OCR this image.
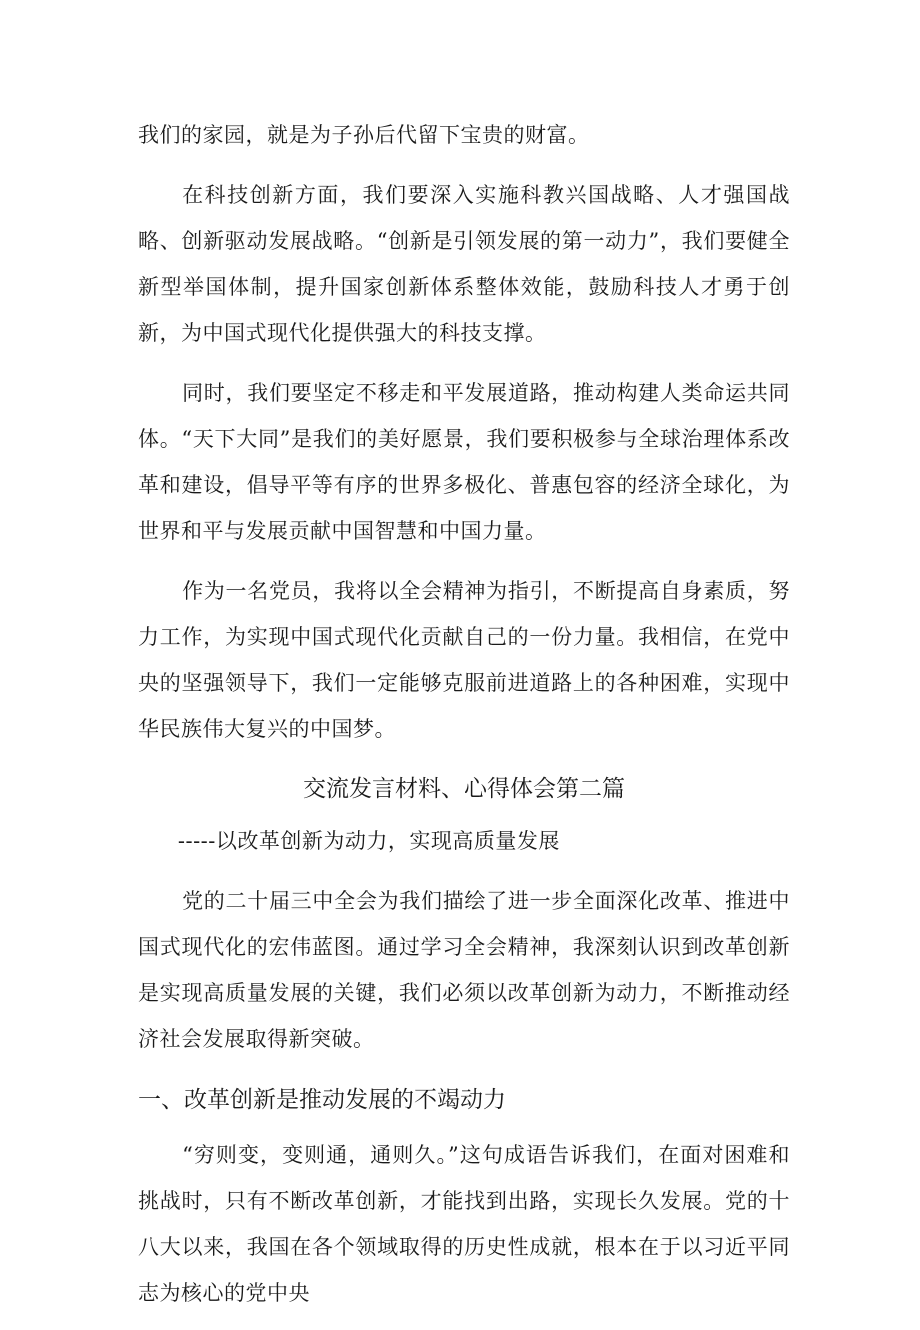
我们的家园，就是为子孙后代留下宝贵的财富。

在科技创新方面，我们要深入实施科教兴国战略、人才强国战略、创新驱动发展战略。“创新是引领发展的第一动力”，我们要健全新型举国体制，提升国家创新体系整体效能，鼓励科技人才勇于创新，为中国式现代化提供强大的科技支撑。

同时，我们要坚定不移走和平发展道路，推动构建人类命运共同体。“天下大同”是我们的美好愿景，我们要积极参与全球治理体系改革和建设，倡导平等有序的世界多极化、普惠包容的经济全球化，为世界和平与发展贡献中国智慧和中国力量。

作为一名党员，我将以全会精神为指引，不断提高自身素质，努力工作，为实现中国式现代化贡献自己的一份力量。我相信，在党中央的坚强领导下，我们一定能够克服前进道路上的各种困难，实现中华民族伟大复兴的中国梦。

交流发言材料、心得体会第二篇
-----以改革创新为动力，实现高质量发展

党的二十届三中全会为我们描绘了进一步全面深化改革、推进中国式现代化的宏伟蓝图。通过学习全会精神，我深刻认识到改革创新是实现高质量发展的关键，我们必须以改革创新为动力，不断推动经济社会发展取得新突破。

一、改革创新是推动发展的不竭动力

“穷则变，变则通，通则久。”这句成语告诉我们，在面对困难和挑战时，只有不断改革创新，才能找到出路，实现长久发展。党的十八大以来，我国在各个领域取得的历史性成就，根本在于以习近平同志为核心的党中央
